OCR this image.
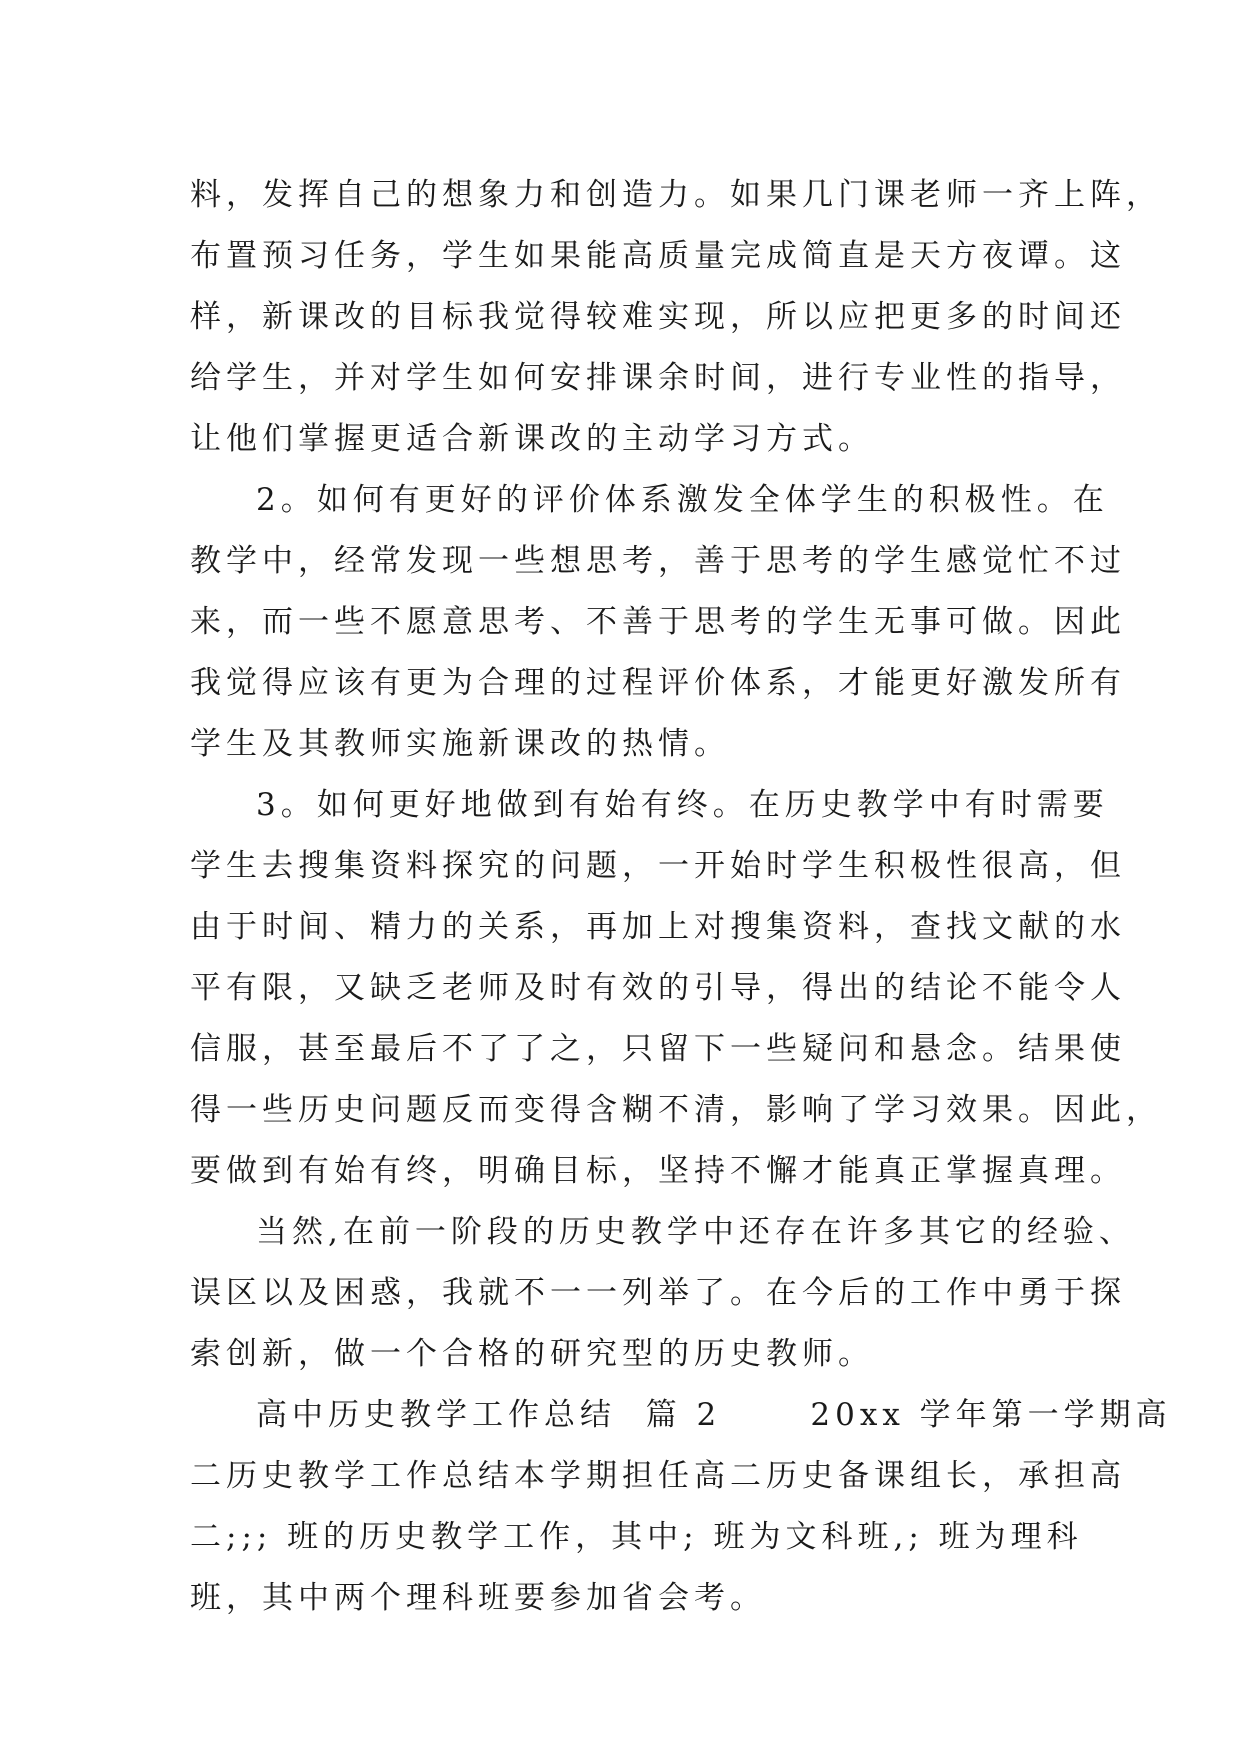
料，发挥自己的想象力和创造力。如果几门课老师一齐上阵，
布置预习任务，学生如果能高质量完成简直是天方夜谭。这
样，新课改的目标我觉得较难实现，所以应把更多的时间还
给学生，并对学生如何安排课余时间，进行专业性的指导，
让他们掌握更适合新课改的主动学习方式。
2。如何有更好的评价体系激发全体学生的积极性。在
教学中，经常发现一些想思考，善于思考的学生感觉忙不过
来，而一些不愿意思考、不善于思考的学生无事可做。因此
我觉得应该有更为合理的过程评价体系，才能更好激发所有
学生及其教师实施新课改的热情。
3。如何更好地做到有始有终。在历史教学中有时需要
学生去搜集资料探究的问题，一开始时学生积极性很高，但
由于时间、精力的关系，再加上对搜集资料，查找文献的水
平有限，又缺乏老师及时有效的引导，得出的结论不能令人
信服，甚至最后不了了之，只留下一些疑问和悬念。结果使
得一些历史问题反而变得含糊不清，影响了学习效果。因此，
要做到有始有终，明确目标，坚持不懈才能真正掌握真理。
当然,在前一阶段的历史教学中还存在许多其它的经验、
误区以及困惑，我就不一一列举了。在今后的工作中勇于探
索创新，做一个合格的研究型的历史教师。
高中历史教学工作总结  篇 2      20xx 学年第一学期高
二历史教学工作总结本学期担任高二历史备课组长，承担高
二;;; 班的历史教学工作，其中; 班为文科班,; 班为理科
班，其中两个理科班要参加省会考。
